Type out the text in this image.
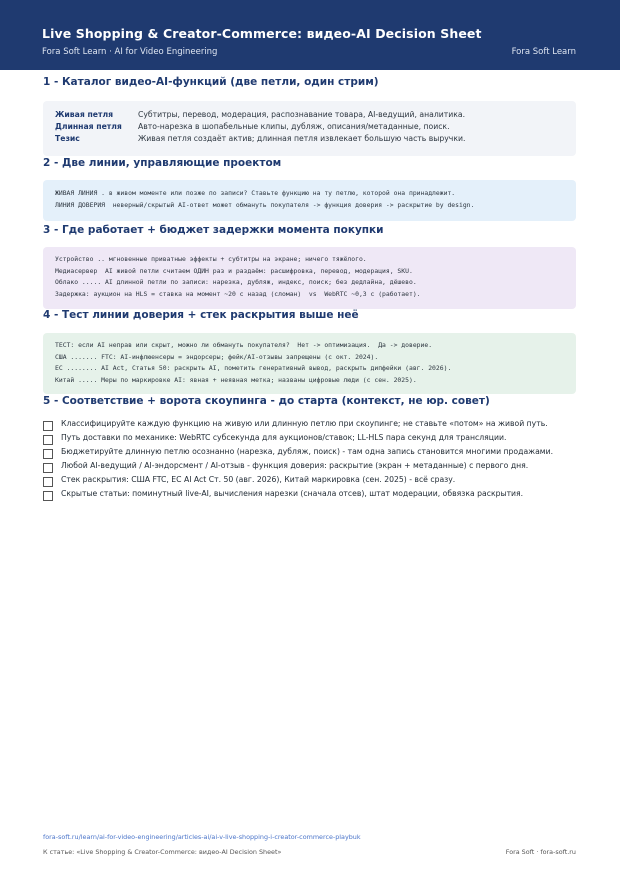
Live Shopping & Creator-Commerce: видео-AI Decision Sheet
Fora Soft Learn · AI for Video Engineering	Fora Soft Learn
1 - Каталог видео-AI-функций (две петли, один стрим)
Живая петля	Субтитры, перевод, модерация, распознавание товара, AI-ведущий, аналитика.
Длинная петля	Авто-нарезка в шопабельные клипы, дубляж, описания/метаданные, поиск.
Тезис	Живая петля создаёт актив; длинная петля извлекает большую часть выручки.
2 - Две линии, управляющие проектом
ЖИВАЯ ЛИНИЯ . в живом моменте или позже по записи? Ставьте функцию на ту петлю, которой она принадлежит.
ЛИНИЯ ДОВЕРИЯ  неверный/скрытый AI-ответ может обмануть покупателя -> функция доверия -> раскрытие by design.
3 - Где работает + бюджет задержки момента покупки
Устройство .. мгновенные приватные эффекты + субтитры на экране; ничего тяжёлого.
Медиасервер  AI живой петли считаем ОДИН раз и раздаём: расшифровка, перевод, модерация, SKU.
Облако ..... AI длинной петли по записи: нарезка, дубляж, индекс, поиск; без дедлайна, дёшево.
Задержка: аукцион на HLS = ставка на момент ~20 с назад (сломан)  vs  WebRTC ~0,3 с (работает).
4 - Тест линии доверия + стек раскрытия выше неё
ТЕСТ: если AI неправ или скрыт, можно ли обмануть покупателя?  Нет -> оптимизация.  Да -> доверие.
США ....... FTC: AI-инфлюенсеры = эндорсеры; фейк/AI-отзывы запрещены (с окт. 2024).
ЕС ........ AI Act, Статья 50: раскрыть AI, пометить генеративный вывод, раскрыть дипфейки (авг. 2026).
Китай ..... Меры по маркировке AI: явная + неявная метка; названы цифровые люди (с сен. 2025).
5 - Соответствие + ворота скоупинга - до старта (контекст, не юр. совет)
Классифицируйте каждую функцию на живую или длинную петлю при скоупинге; не ставьте «потом» на живой путь.
Путь доставки по механике: WebRTC субсекунда для аукционов/ставок; LL-HLS пара секунд для трансляции.
Бюджетируйте длинную петлю осознанно (нарезка, дубляж, поиск) - там одна запись становится многими продажами.
Любой AI-ведущий / AI-эндорсмент / AI-отзыв - функция доверия: раскрытие (экран + метаданные) с первого дня.
Стек раскрытия: США FTC, ЕС AI Act Ст. 50 (авг. 2026), Китай маркировка (сен. 2025) - всё сразу.
Скрытые статьи: поминутный live-AI, вычисления нарезки (сначала отсев), штат модерации, обвязка раскрытия.
fora-soft.ru/learn/ai-for-video-engineering/articles-ai/ai-v-live-shopping-i-creator-commerce-playbuk
К статье: «Live Shopping & Creator-Commerce: видео-AI Decision Sheet»	Fora Soft · fora-soft.ru
